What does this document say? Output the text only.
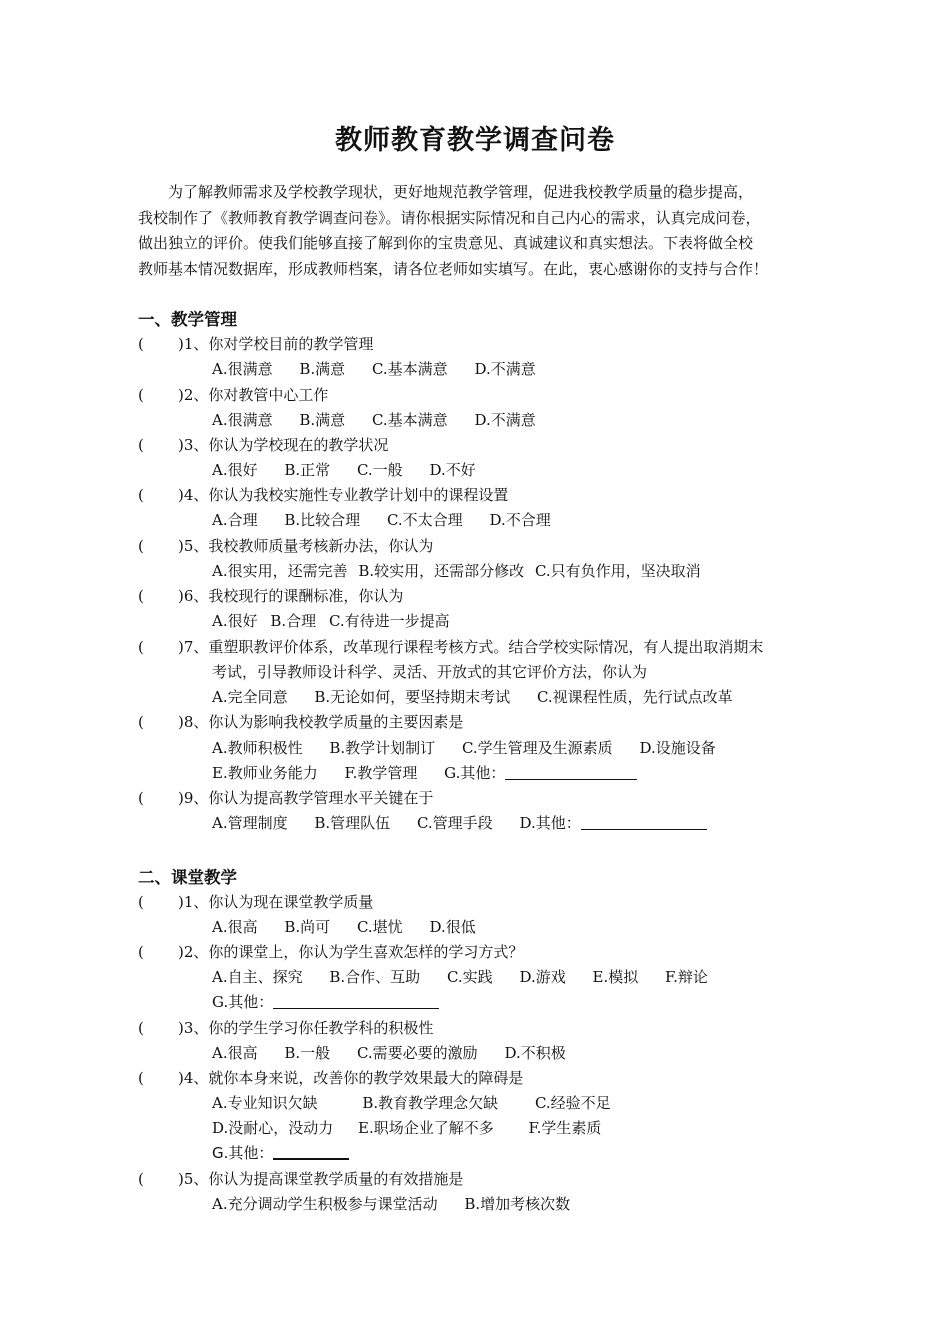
教师教育教学调查问卷
为了解教师需求及学校教学现状，更好地规范教学管理，促进我校教学质量的稳步提高，
我校制作了《教师教育教学调查问卷》。请你根据实际情况和自己内心的需求，认真完成问卷，
做出独立的评价。使我们能够直接了解到你的宝贵意见、真诚建议和真实想法。下表将做全校
教师基本情况数据库，形成教师档案，请各位老师如实填写。在此，衷心感谢你的支持与合作！
一、教学管理
( )1、你对学校目前的教学管理
A.很满意 B.满意 C.基本满意 D.不满意
( )2、你对教管中心工作
A.很满意 B.满意 C.基本满意 D.不满意
( )3、你认为学校现在的教学状况
A.很好 B.正常 C.一般 D.不好
( )4、你认为我校实施性专业教学计划中的课程设置
A.合理 B.比较合理 C.不太合理 D.不合理
( )5、我校教师质量考核新办法，你认为
A.很实用，还需完善 B.较实用，还需部分修改 C.只有负作用，坚决取消
( )6、我校现行的课酬标准，你认为
A.很好 B.合理 C.有待进一步提高
( )7、重塑职教评价体系，改革现行课程考核方式。结合学校实际情况，有人提出取消期末
考试，引导教师设计科学、灵活、开放式的其它评价方法，你认为
A.完全同意 B.无论如何，要坚持期末考试 C.视课程性质，先行试点改革
( )8、你认为影响我校教学质量的主要因素是
A.教师积极性 B.教学计划制订 C.学生管理及生源素质 D.设施设备
E.教师业务能力 F.教学管理 G.其他：
( )9、你认为提高教学管理水平关键在于
A.管理制度 B.管理队伍 C.管理手段 D.其他：
二、课堂教学
( )1、你认为现在课堂教学质量
A.很高 B.尚可 C.堪忧 D.很低
( )2、你的课堂上，你认为学生喜欢怎样的学习方式？
A.自主、探究 B.合作、互助 C.实践 D.游戏 E.模拟 F.辩论
G.其他：
( )3、你的学生学习你任教学科的积极性
A.很高 B.一般 C.需要必要的激励 D.不积极
( )4、就你本身来说，改善你的教学效果最大的障碍是
A.专业知识欠缺	B.教育教学理念欠缺 C.经验不足
D.没耐心，没动力 E.职场企业了解不多 F.学生素质
G.其他：
( )5、你认为提高课堂教学质量的有效措施是
A.充分调动学生积极参与课堂活动 B.增加考核次数
